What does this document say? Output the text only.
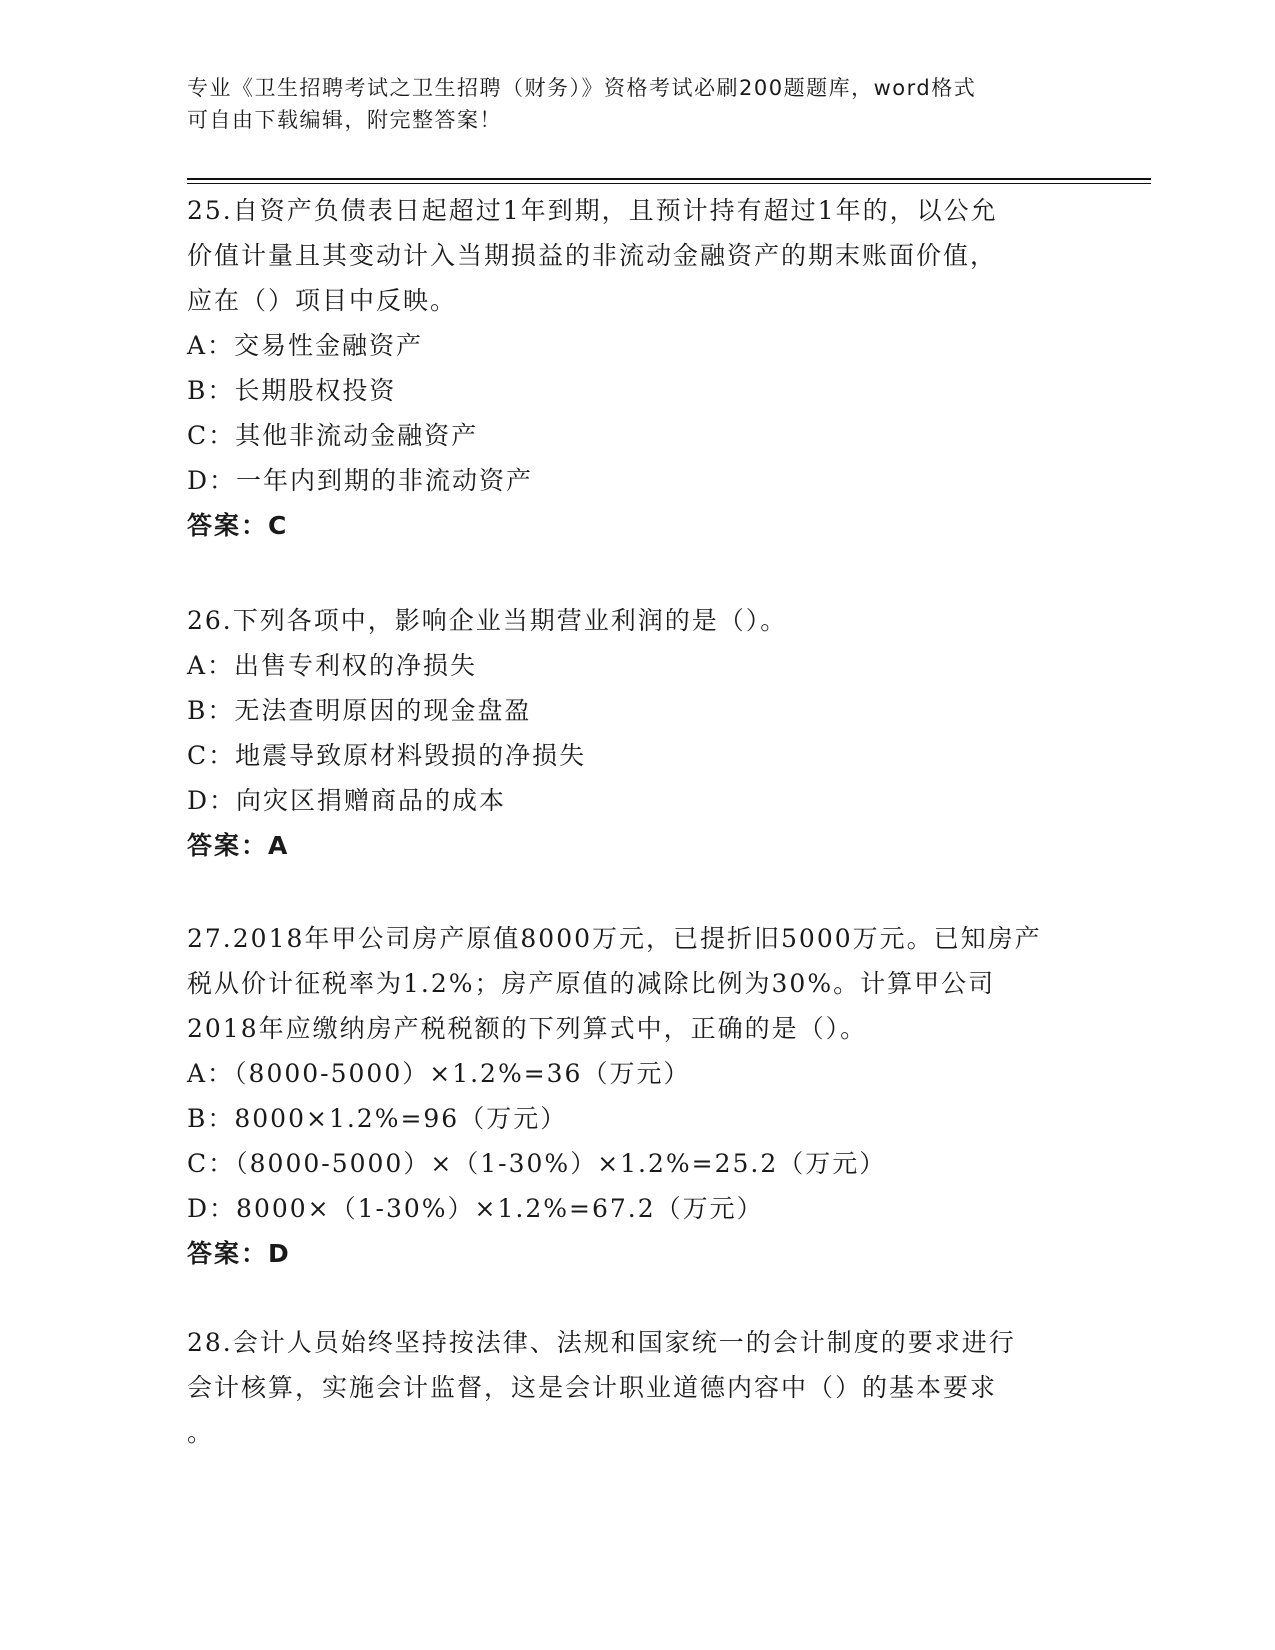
专业《卫生招聘考试之卫生招聘（财务）》资格考试必刷200题题库，word格式
可自由下载编辑，附完整答案！
25.自资产负债表日起超过1年到期，且预计持有超过1年的，以公允
价值计量且其变动计入当期损益的非流动金融资产的期末账面价值，
应在（）项目中反映。
A：交易性金融资产
B：长期股权投资
C：其他非流动金融资产
D：一年内到期的非流动资产
答案：C
26.下列各项中，影响企业当期营业利润的是（）。
A：出售专利权的净损失
B：无法查明原因的现金盘盈
C：地震导致原材料毁损的净损失
D：向灾区捐赠商品的成本
答案：A
27.2018年甲公司房产原值8000万元，已提折旧5000万元。已知房产
税从价计征税率为1.2%；房产原值的减除比例为30%。计算甲公司
2018年应缴纳房产税税额的下列算式中，正确的是（）。
A：（8000-5000）×1.2%=36（万元）
B：8000×1.2%=96（万元）
C：（8000-5000）×（1-30%）×1.2%=25.2（万元）
D：8000×（1-30%）×1.2%=67.2（万元）
答案：D
28.会计人员始终坚持按法律、法规和国家统一的会计制度的要求进行
会计核算，实施会计监督，这是会计职业道德内容中（）的基本要求
。
